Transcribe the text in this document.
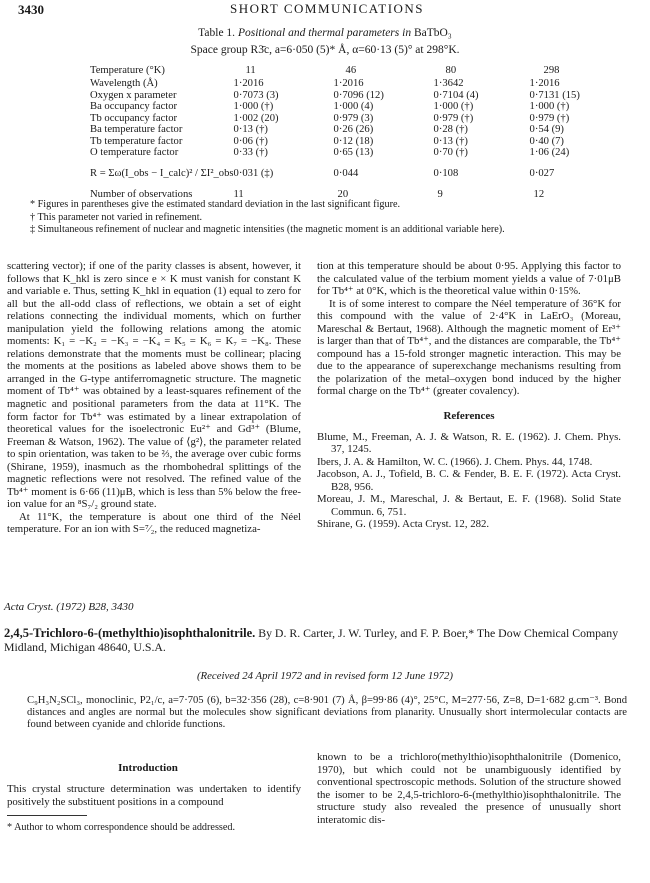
3430	SHORT COMMUNICATIONS
Table 1. Positional and thermal parameters in BaTbO₃
Space group R3̄c, a=6·050 (5)* Å, α=60·13 (5)° at 298°K.
Temperature (°K)	11	46	80	298
Wavelength (Å)	1·2016	1·2016	1·3642	1·2016
Oxygen x parameter	0·7073 (3)	0·7096 (12)	0·7104 (4)	0·7131 (15)
Ba occupancy factor	1·000 (†)	1·000 (4)	1·000 (†)	1·000 (†)
Tb occupancy factor	1·002 (20)	0·979 (3)	0·979 (†)	0·979 (†)
Ba temperature factor	0·13 (†)	0·26 (26)	0·28 (†)	0·54 (9)
Tb temperature factor	0·06 (†)	0·12 (18)	0·13 (†)	0·40 (7)
O temperature factor	0·33 (†)	0·65 (13)	0·70 (†)	1·06 (24)
R = Σω(I_obs − I_calc)² / ΣI²_obs	0·031 (‡)	0·044	0·108	0·027
Number of observations	11	20	9	12
* Figures in parentheses give the estimated standard deviation in the last significant figure.
† This parameter not varied in refinement.
‡ Simultaneous refinement of nuclear and magnetic intensities (the magnetic moment is an additional variable here).

scattering vector); if one of the parity classes is absent, however, it follows that K_hkl is zero since e × K must vanish for constant K and variable e. Thus, setting K_hkl in equation (1) equal to zero for all but the all-odd class of reflections, we obtain a set of eight relations connecting the individual moments, which on further manipulation yield the following relations among the atomic moments: K₁ = −K₂ = −K₃ = −K₄ = K₅ = K₆ = K₇ = −K₈. These relations demonstrate that the moments must be collinear; placing the moments at the positions as labeled above shows them to be arranged in the G-type antiferromagnetic structure. The magnetic moment of Tb⁴⁺ was obtained by a least-squares refinement of the magnetic and positional parameters from the data at 11°K. The form factor for Tb⁴⁺ was estimated by a linear extrapolation of theoretical values for the isoelectronic Eu²⁺ and Gd³⁺ (Blume, Freeman & Watson, 1962). The value of ⟨g²⟩, the parameter related to spin orientation, was taken to be ⅔, the average over cubic forms (Shirane, 1959), inasmuch as the rhombohedral splittings of the magnetic reflections were not resolved. The refined value of the Tb⁴⁺ moment is 6·66 (11)μB, which is less than 5% below the free-ion value for an ⁸S₇/₂ ground state.

At 11°K, the temperature is about one third of the Néel temperature. For an ion with S=⁷⁄₂, the reduced magnetiza-

tion at this temperature should be about 0·95. Applying this factor to the calculated value of the terbium moment yields a value of 7·01μB for Tb⁴⁺ at 0°K, which is the theoretical value within 0·15%.

It is of some interest to compare the Néel temperature of 36°K for this compound with the value of 2·4°K in LaErO₃ (Moreau, Mareschal & Bertaut, 1968). Although the magnetic moment of Er³⁺ is larger than that of Tb⁴⁺, and the distances are comparable, the Tb⁴⁺ compound has a 15-fold stronger magnetic interaction. This may be due to the appearance of superexchange mechanisms resulting from the polarization of the metal–oxygen bond induced by the higher formal charge on the Tb⁴⁺ (greater covalency).

References

Blume, M., Freeman, A. J. & Watson, R. E. (1962). J. Chem. Phys. 37, 1245.

Ibers, J. A. & Hamilton, W. C. (1966). J. Chem. Phys. 44, 1748.

Jacobson, A. J., Tofield, B. C. & Fender, B. E. F. (1972). Acta Cryst. B28, 956.

Moreau, J. M., Mareschal, J. & Bertaut, E. F. (1968). Solid State Commun. 6, 751.

Shirane, G. (1959). Acta Cryst. 12, 282.

Acta Cryst. (1972) B28, 3430
2,4,5-Trichloro-6-(methylthio)isophthalonitrile. By D. R. Carter, J. W. Turley, and F. P. Boer,* The Dow Chemical Company Midland, Michigan 48640, U.S.A.
(Received 24 April 1972 and in revised form 12 June 1972)
C₉H₃N₂SCl₃, monoclinic, P2₁/c, a=7·705 (6), b=32·356 (28), c=8·901 (7) Å, β=99·86 (4)°, 25°C, M=277·56, Z=8, D=1·682 g.cm⁻³. Bond distances and angles are normal but the molecules show significant deviations from planarity. Unusually short intermolecular contacts are found between cyanide and chloride functions.
Introduction
This crystal structure determination was undertaken to identify positively the substituent positions in a compound
* Author to whom correspondence should be addressed.
known to be a trichloro(methylthio)isophthalonitrile (Domenico, 1970), but which could not be unambiguously identified by conventional spectroscopic methods. Solution of the structure showed the isomer to be 2,4,5-trichloro-6-(methylthio)isophthalonitrile. The structure study also revealed the presence of unusually short interatomic dis-
